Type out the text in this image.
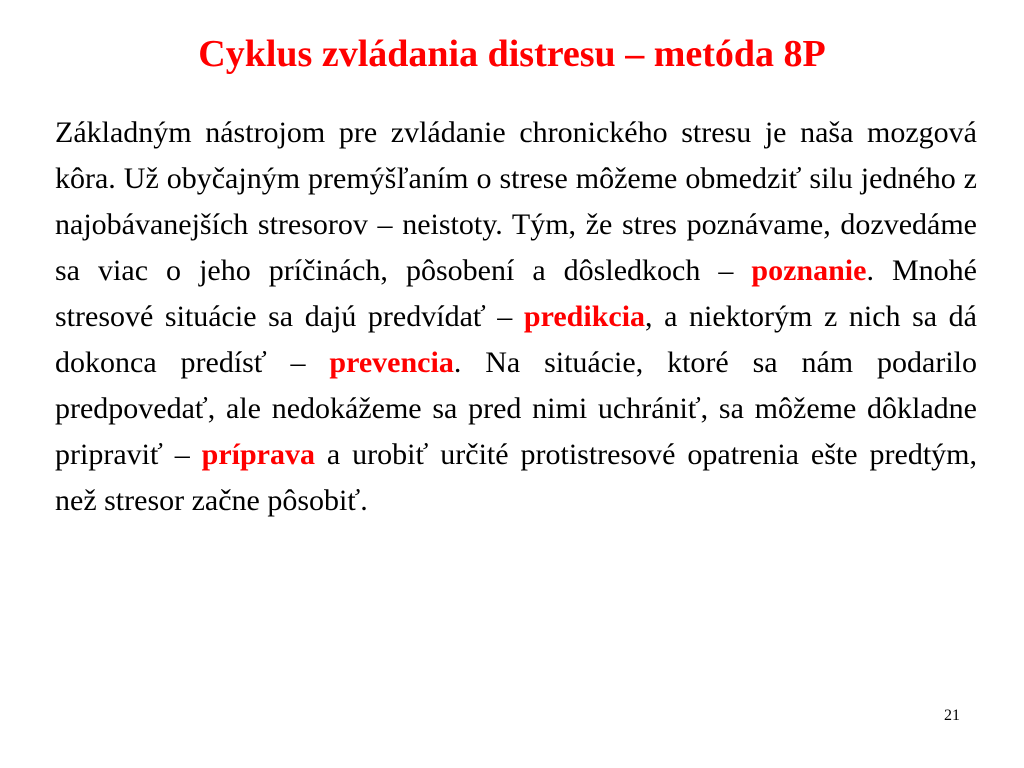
Cyklus zvládania distresu – metóda 8P
Základným nástrojom pre zvládanie chronického stresu je naša mozgová kôra. Už obyčajným premýšľaním o strese môžeme obmedziť silu jedného z najobávanejších stresorov – neistoty. Tým, že stres poznávame, dozvedáme sa viac o jeho príčinách, pôsobení a dôsledkoch – poznanie. Mnohé stresové situácie sa dajú predvídať – predikcia, a niektorým z nich sa dá dokonca predísť – prevencia. Na situácie, ktoré sa nám podarilo predpovedať, ale nedokážeme sa pred nimi uchrániť, sa môžeme dôkladne pripraviť – príprava a urobiť určité protistresové opatrenia ešte predtým, než stresor začne pôsobiť.
21
